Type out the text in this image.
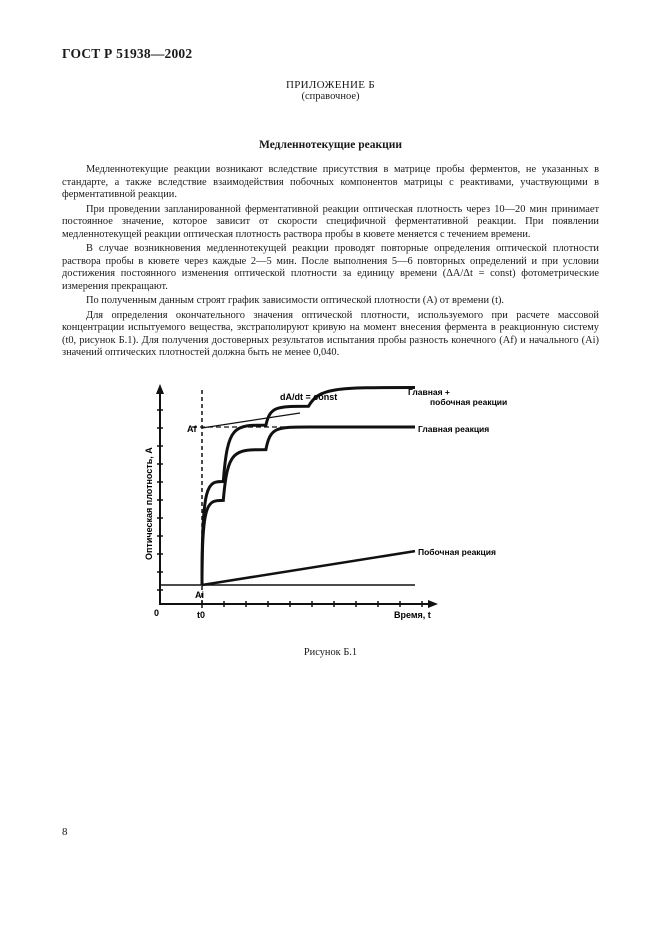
ГОСТ Р 51938—2002
ПРИЛОЖЕНИЕ Б
(справочное)
Медленнотекущие реакции

Медленнотекущие реакции возникают вследствие присутствия в матрице пробы ферментов, не указанных в стандарте, а также вследствие взаимодействия побочных компонентов матрицы с реактивами, участвующими в ферментативной реакции.

При проведении запланированной ферментативной реакции оптическая плотность через 10—20 мин принимает постоянное значение, которое зависит от скорости специфичной ферментативной реакции. При появлении медленнотекущей реакции оптическая плотность раствора пробы в кювете меняется с течением времени.

В случае возникновения медленнотекущей реакции проводят повторные определения оптической плотности раствора пробы в кювете через каждые 2—5 мин. После выполнения 5—6 повторных определений и при условии достижения постоянного изменения оптической плотности за единицу времени (ΔA/Δt = const) фотометрические измерения прекращают.

По полученным данным строят график зависимости оптической плотности (A) от времени (t).

Для определения окончательного значения оптической плотности, используемого при расчете массовой концентрации испытуемого вещества, экстраполируют кривую на момент внесения фермента в реакционную систему (t0, рисунок Б.1). Для получения достоверных результатов испытания пробы разность конечного (Af) и начального (Ai) значений оптических плотностей должна быть не менее 0,040.

Оптическая плотность, A
Время, t
0	t0
Af
Ai
dA/dt = const	Главная + побочная реакции
Главная реакция
Побочная реакция
Рисунок Б.1
8
